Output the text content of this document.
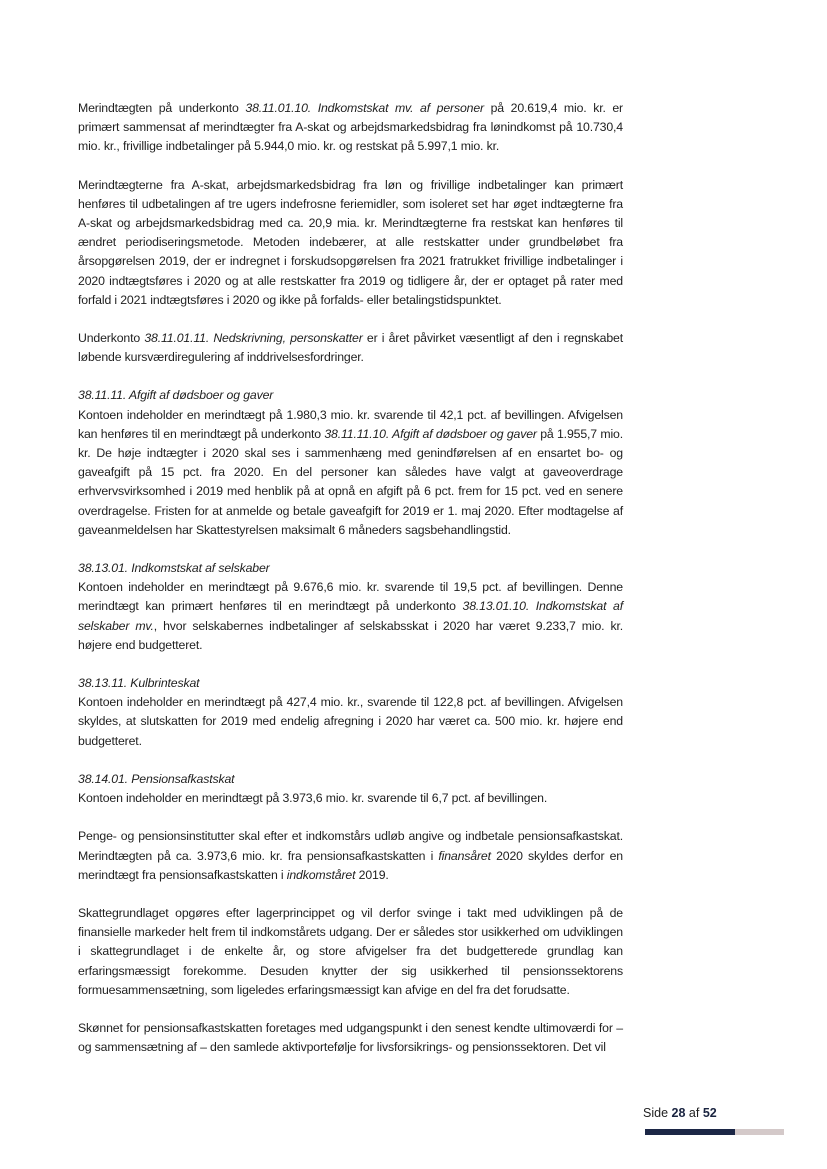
Merindtægten på underkonto 38.11.01.10. Indkomstskat mv. af personer på 20.619,4 mio. kr. er primært sammensat af merindtægter fra A-skat og arbejdsmarkedsbidrag fra lønindkomst på 10.730,4 mio. kr., frivillige indbetalinger på 5.944,0 mio. kr. og restskat på 5.997,1 mio. kr.

Merindtægterne fra A-skat, arbejdsmarkedsbidrag fra løn og frivillige indbetalinger kan primært henføres til udbetalingen af tre ugers indefrosne feriemidler, som isoleret set har øget indtægterne fra A-skat og arbejdsmarkedsbidrag med ca. 20,9 mia. kr. Merindtægterne fra restskat kan henføres til ændret periodiseringsmetode. Metoden indebærer, at alle restskatter under grundbeløbet fra årsopgørelsen 2019, der er indregnet i forskudsopgørelsen fra 2021 fratrukket frivillige indbetalinger i 2020 indtægtsføres i 2020 og at alle restskatter fra 2019 og tidligere år, der er optaget på rater med forfald i 2021 indtægtsføres i 2020 og ikke på forfalds- eller betalingstidspunktet.

Underkonto 38.11.01.11. Nedskrivning, personskatter er i året påvirket væsentligt af den i regnskabet løbende kursværdiregulering af inddrivelsesfordringer.

38.11.11. Afgift af dødsboer og gaver

Kontoen indeholder en merindtægt på 1.980,3 mio. kr. svarende til 42,1 pct. af bevillingen. Afvigelsen kan henføres til en merindtægt på underkonto 38.11.11.10. Afgift af dødsboer og gaver på 1.955,7 mio. kr. De høje indtægter i 2020 skal ses i sammenhæng med genindførelsen af en ensartet bo- og gaveafgift på 15 pct. fra 2020. En del personer kan således have valgt at gaveoverdrage erhvervsvirksomhed i 2019 med henblik på at opnå en afgift på 6 pct. frem for 15 pct. ved en senere overdragelse. Fristen for at anmelde og betale gaveafgift for 2019 er 1. maj 2020. Efter modtagelse af gaveanmeldelsen har Skattestyrelsen maksimalt 6 måneders sagsbehandlingstid.

38.13.01. Indkomstskat af selskaber

Kontoen indeholder en merindtægt på 9.676,6 mio. kr. svarende til 19,5 pct. af bevillingen. Denne merindtægt kan primært henføres til en merindtægt på underkonto 38.13.01.10. Indkomstskat af selskaber mv., hvor selskabernes indbetalinger af selskabsskat i 2020 har været 9.233,7 mio. kr. højere end budgetteret.

38.13.11. Kulbrinteskat

Kontoen indeholder en merindtægt på 427,4 mio. kr., svarende til 122,8 pct. af bevillingen. Afvigelsen skyldes, at slutskatten for 2019 med endelig afregning i 2020 har været ca. 500 mio. kr. højere end budgetteret.

38.14.01. Pensionsafkastskat

Kontoen indeholder en merindtægt på 3.973,6 mio. kr. svarende til 6,7 pct. af bevillingen.

Penge- og pensionsinstitutter skal efter et indkomstårs udløb angive og indbetale pensionsafkastskat. Merindtægten på ca. 3.973,6 mio. kr. fra pensionsafkastskatten i finansåret 2020 skyldes derfor en merindtægt fra pensionsafkastskatten i indkomståret 2019.

Skattegrundlaget opgøres efter lagerprincippet og vil derfor svinge i takt med udviklingen på de finansielle markeder helt frem til indkomstårets udgang. Der er således stor usikkerhed om udviklingen i skattegrundlaget i de enkelte år, og store afvigelser fra det budgetterede grundlag kan erfaringsmæssigt forekomme. Desuden knytter der sig usikkerhed til pensionssektorens formuesammensætning, som ligeledes erfaringsmæssigt kan afvige en del fra det forudsatte.

Skønnet for pensionsafkastskatten foretages med udgangspunkt i den senest kendte ultimoværdi for – og sammensætning af – den samlede aktivportefølje for livsforsikrings- og pensionssektoren. Det vil

Side 28 af 52
